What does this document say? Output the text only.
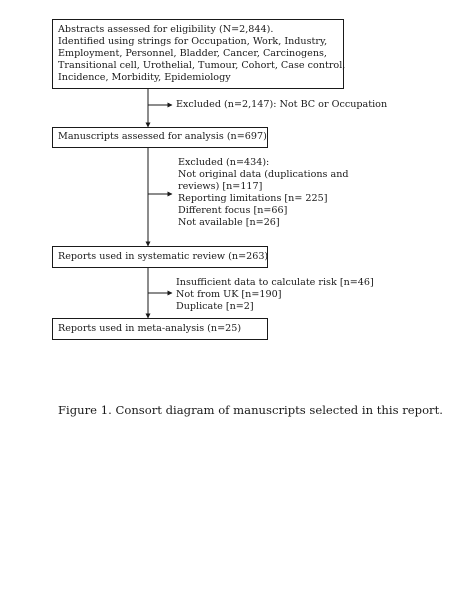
Abstracts assessed for eligibility (N=2,844).
Identified using strings for Occupation, Work, Industry,
Employment, Personnel, Bladder, Cancer, Carcinogens,
Transitional cell, Urothelial, Tumour, Cohort, Case control,
Incidence, Morbidity, Epidemiology
Excluded (n=2,147): Not BC or Occupation
Manuscripts assessed for analysis (n=697)
Excluded (n=434):
Not original data (duplications and
reviews) [n=117]
Reporting limitations [n= 225]
Different focus [n=66]
Not available [n=26]
Reports used in systematic review (n=263)
Insufficient data to calculate risk [n=46]
Not from UK [n=190]
Duplicate [n=2]
Reports used in meta-analysis (n=25)
Figure 1. Consort diagram of manuscripts selected in this report.
